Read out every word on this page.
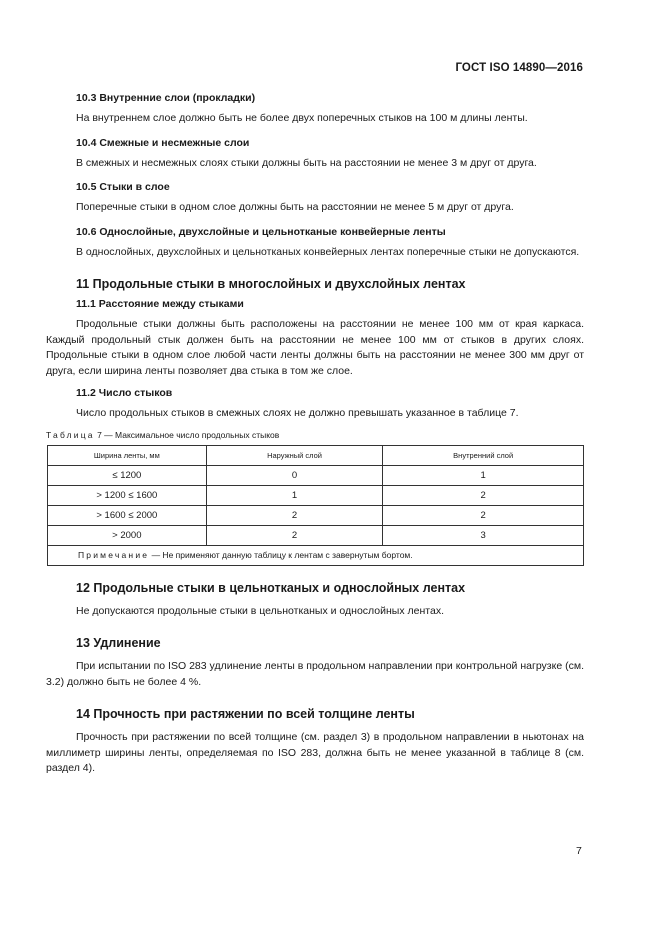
ГОСТ ISO 14890—2016
10.3 Внутренние слои (прокладки)

На внутреннем слое должно быть не более двух поперечных стыков на 100 м длины ленты.

10.4 Смежные и несмежные слои

В смежных и несмежных слоях стыки должны быть на расстоянии не менее 3 м друг от друга.

10.5 Стыки в слое

Поперечные стыки в одном слое должны быть на расстоянии не менее 5 м друг от друга.

10.6 Однослойные, двухслойные и цельнотканые конвейерные ленты

В однослойных, двухслойных и цельнотканых конвейерных лентах поперечные стыки не допускаются.

11 Продольные стыки в многослойных и двухслойных лентах
11.1 Расстояние между стыками

Продольные стыки должны быть расположены на расстоянии не менее 100 мм от края каркаса. Каждый продольный стык должен быть на расстоянии не менее 100 мм от стыков в других слоях. Продольные стыки в одном слое любой части ленты должны быть на расстоянии не менее 300 мм друг от друга, если ширина ленты позволяет два стыка в том же слое.

11.2 Число стыков

Число продольных стыков в смежных слоях не должно превышать указанное в таблице 7.

Таблица 7 — Максимальное число продольных стыков

Ширина ленты, мм	Наружный слой	Внутренний слой
≤ 1200	0	1
> 1200 ≤ 1600	1	2
> 1600 ≤ 2000	2	2
> 2000	2	3
Примечание — Не применяют данную таблицу к лентам с завернутым бортом.		
12 Продольные стыки в цельнотканых и однослойных лентах

Не допускаются продольные стыки в цельнотканых и однослойных лентах.

13 Удлинение

При испытании по ISO 283 удлинение ленты в продольном направлении при контрольной нагрузке (см. 3.2) должно быть не более 4 %.

14 Прочность при растяжении по всей толщине ленты

Прочность при растяжении по всей толщине (см. раздел 3) в продольном направлении в ньютонах на миллиметр ширины ленты, определяемая по ISO 283, должна быть не менее указанной в таблице 8 (см. раздел 4).

7
